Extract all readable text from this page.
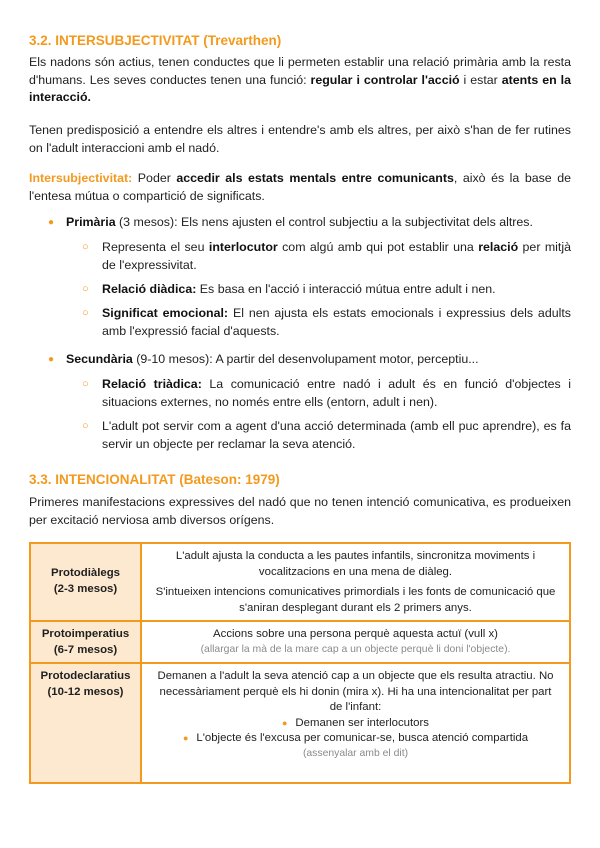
3.2. INTERSUBJECTIVITAT (Trevarthen)

Els nadons són actius, tenen conductes que li permeten establir una relació primària amb la resta d'humans. Les seves conductes tenen una funció: regular i controlar l'acció i estar atents en la interacció.

Tenen predisposició a entendre els altres i entendre's amb els altres, per això s'han de fer rutines on l'adult interaccioni amb el nadó.

Intersubjectivitat: Poder accedir als estats mentals entre comunicants, això és la base de l'entesa mútua o compartició de significats.

● Primària (3 mesos): Els nens ajusten el control subjectiu a la subjectivitat dels altres.

○ Representa el seu interlocutor com algú amb qui pot establir una relació per mitjà de l'expressivitat.

○ Relació diàdica: Es basa en l'acció i interacció mútua entre adult i nen.

○ Significat emocional: El nen ajusta els estats emocionals i expressius dels adults amb l'expressió facial d'aquests.

● Secundària (9-10 mesos): A partir del desenvolupament motor, perceptiu...

○ Relació triàdica: La comunicació entre nadó i adult és en funció d'objectes i situacions externes, no només entre ells (entorn, adult i nen).

○ L'adult pot servir com a agent d'una acció determinada (amb ell puc aprendre), es fa servir un objecte per reclamar la seva atenció.

3.3. INTENCIONALITAT (Bateson: 1979)

Primeres manifestacions expressives del nadó que no tenen intenció comunicativa, es produeixen per excitació nerviosa amb diversos orígens.

Protodiàlegs
(2-3 mesos)	L'adult ajusta la conducta a les pautes infantils, sincronitza moviments i vocalitzacions en una mena de diàleg.
S'intueixen intencions comunicatives primordials i les fonts de comunicació que s'aniran desplegant durant els 2 primers anys.

Protoimperatius
(6-7 mesos)	Accions sobre una persona perquè aquesta actuï (vull x)
(allargar la mà de la mare cap a un objecte perquè li doni l'objecte).

Protodeclaratius
(10-12 mesos)	Demanen a l'adult la seva atenció cap a un objecte que els resulta atractiu. No necessàriament perquè els hi donin (mira x). Hi ha una intencionalitat per part de l'infant:
● Demanen ser interlocutors
● L'objecte és l'excusa per comunicar-se, busca atenció compartida
(assenyalar amb el dit)
